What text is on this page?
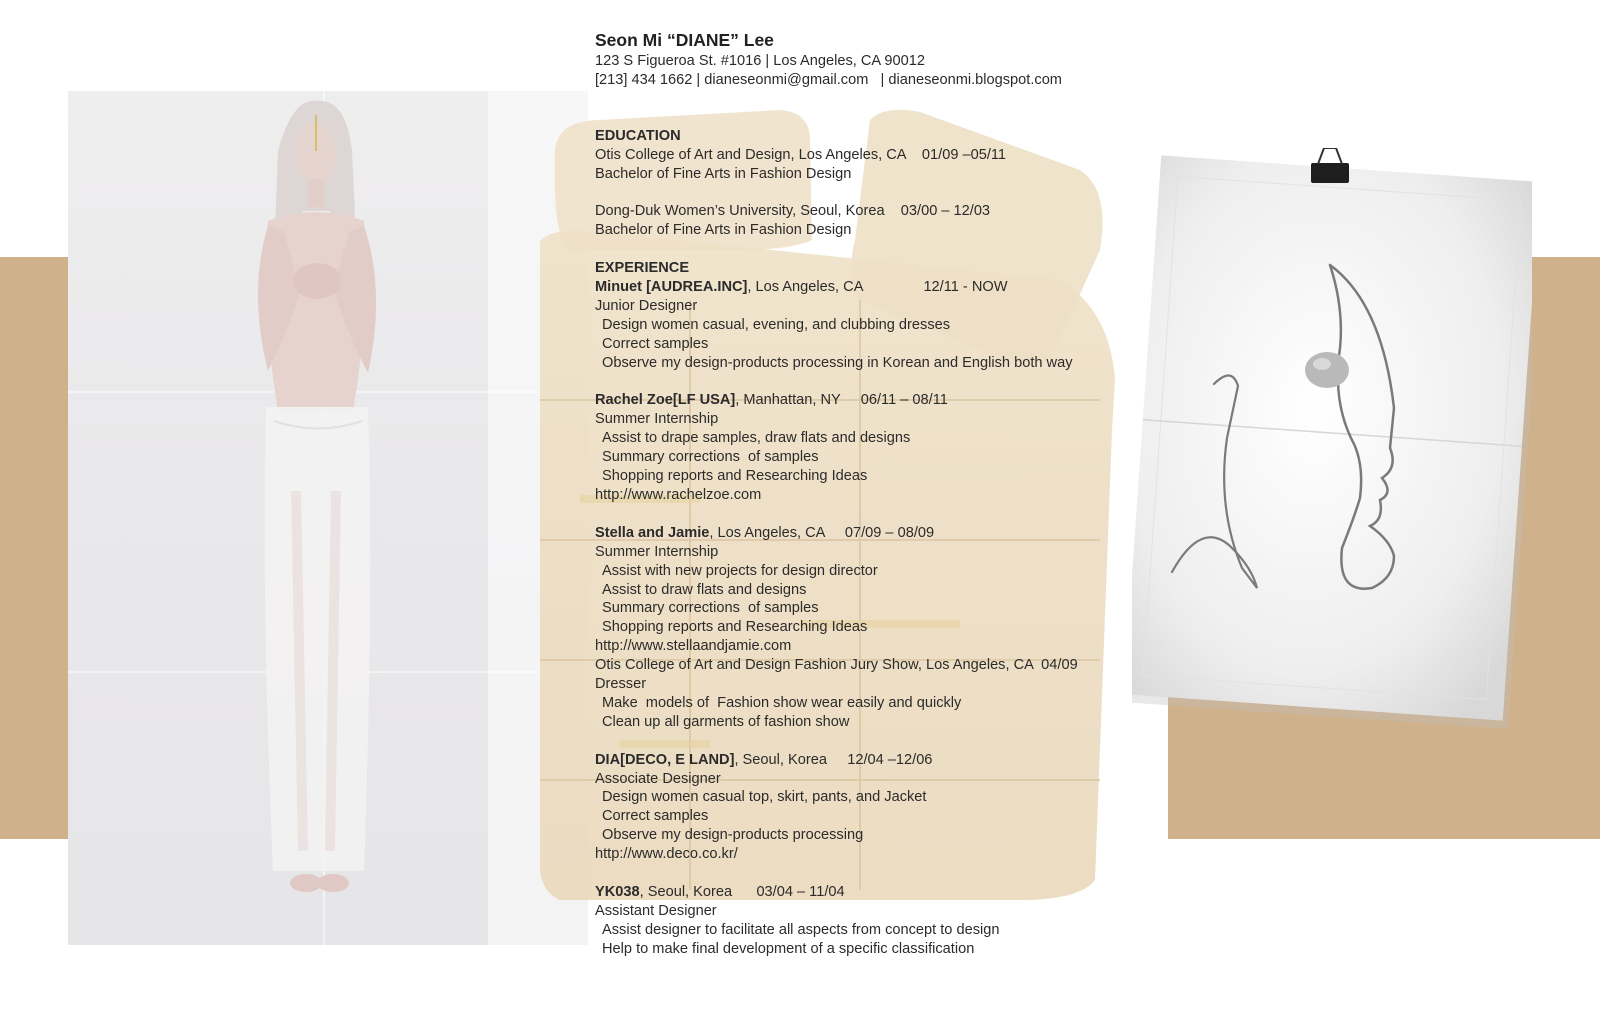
Seon Mi “DIANE” Lee
123 S Figueroa St. #1016 | Los Angeles, CA 90012
[213] 434 1662 | dianeseonmi@gmail.com   | dianeseonmi.blogspot.com
EDUCATION
Otis College of Art and Design, Los Angeles, CA    01/09 –05/11
Bachelor of Fine Arts in Fashion Design
Dong-Duk Women’s University, Seoul, Korea    03/00 – 12/03
Bachelor of Fine Arts in Fashion Design
EXPERIENCE
Minuet [AUDREA.INC], Los Angeles, CA               12/11 - NOW
Junior Designer
Design women casual, evening, and clubbing dresses
Correct samples
Observe my design-products processing in Korean and English both way
Rachel Zoe[LF USA], Manhattan, NY     06/11 – 08/11
Summer Internship
Assist to drape samples, draw flats and designs
Summary corrections  of samples
Shopping reports and Researching Ideas
http://www.rachelzoe.com
Stella and Jamie, Los Angeles, CA     07/09 – 08/09
Summer Internship
Assist with new projects for design director
Assist to draw flats and designs
Summary corrections  of samples
Shopping reports and Researching Ideas
http://www.stellaandjamie.com
Otis College of Art and Design Fashion Jury Show, Los Angeles, CA  04/09
Dresser
Make  models of  Fashion show wear easily and quickly
Clean up all garments of fashion show
DIA[DECO, E LAND], Seoul, Korea     12/04 –12/06
Associate Designer
Design women casual top, skirt, pants, and Jacket
Correct samples
Observe my design-products processing
http://www.deco.co.kr/
YK038, Seoul, Korea      03/04 – 11/04
Assistant Designer
Assist designer to facilitate all aspects from concept to design
Help to make final development of a specific classification
